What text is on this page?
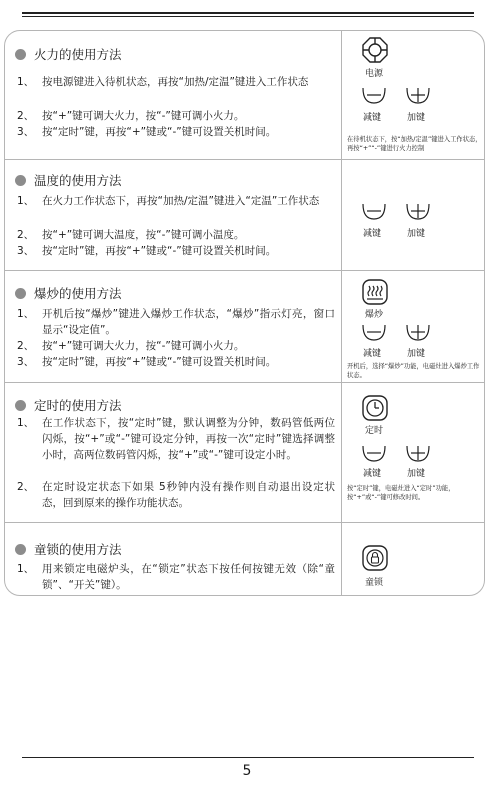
火力的使用方法
1、 按电源键进入待机状态，再按“加热/定温”键进入工作状态
2、 按“+”键可调大火力，按“-”键可调小火力。
3、 按“定时”键，再按“+”键或“-”键可设置关机时间。
电源
减键	加键
在待机状态下，按“加热/定温”键进入工作状态，再按“+”“-”键进行火力控制
温度的使用方法
1、 在火力工作状态下，再按“加热/定温”键进入“定温”工作状态
2、 按“+”键可调大温度，按“-”键可调小温度。
3、 按“定时”键，再按“+”键或“-”键可设置关机时间。
减键	加键
爆炒的使用方法
1、 开机后按“爆炒”键进入爆炒工作状态，“爆炒”指示灯亮，窗口显示“设定值”。
2、 按“+”键可调大火力，按“-”键可调小火力。
3、 按“定时”键，再按“+”键或“-”键可设置关机时间。
爆炒
减键	加键
开机后，选择“爆炒”功能，电磁灶进入爆炒工作状态。
定时的使用方法
1、 在工作状态下，按“定时”键，默认调整为分钟，数码管低两位闪烁，按“+”或“-”键可设定分钟，再按一次“定时”键选择调整小时，高两位数码管闪烁，按“+”或“-”键可设定小时。
2、 在定时设定状态下如果 5秒钟内没有操作则自动退出设定状态，回到原来的操作功能状态。
定时
减键	加键
按“定时”键，电磁灶进入“定时”功能，按“+”或“-”键可修改时间。
童锁的使用方法
1、 用来锁定电磁炉头，在“锁定”状态下按任何按键无效（除“童锁”、“开关”键）。	童锁
5
